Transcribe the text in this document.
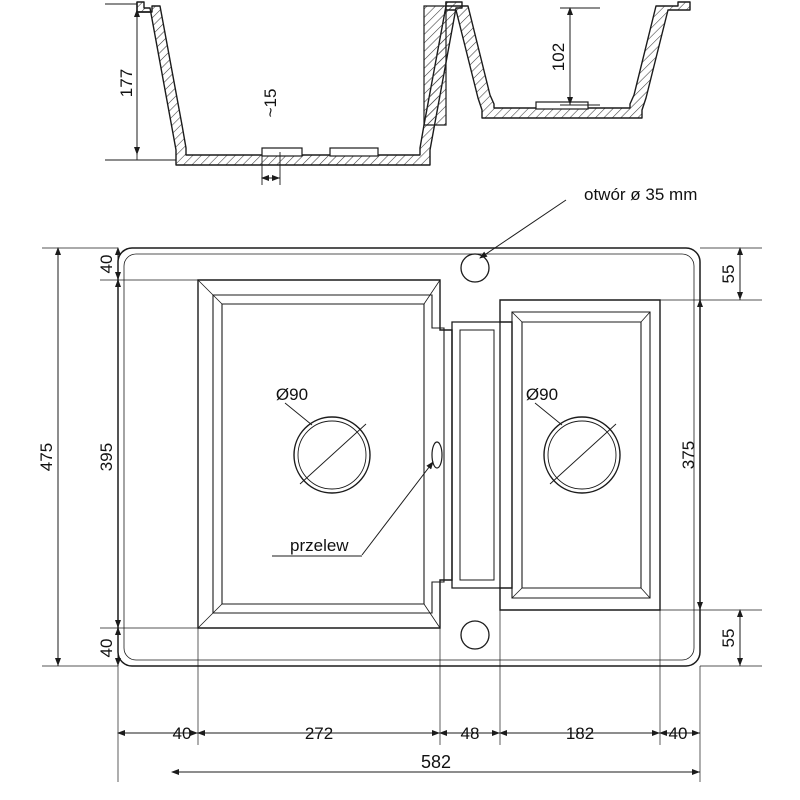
177
~15
102
Ø90	Ø90
otwór ø 35 mm
przelew
475 395
40
40
375
55
55
40	272	48	182	40
582
